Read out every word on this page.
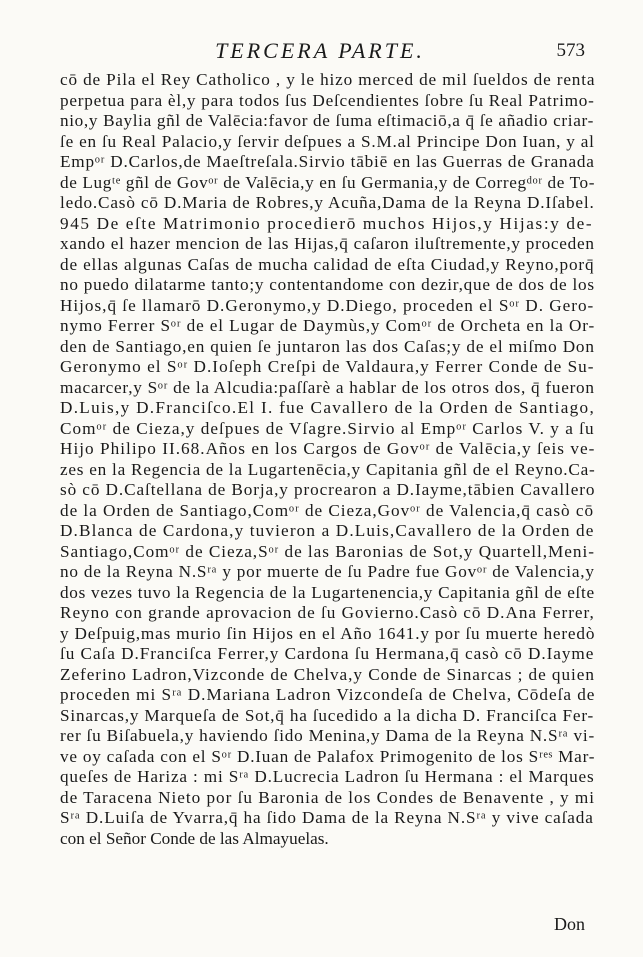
TERCERA PARTE.	573
cō de Pila el Rey Catholico , y le hizo merced de mil ſueldos de renta
perpetua para èl,y para todos ſus Deſcendientes ſobre ſu Real Patrimo-
nio,y Baylia gñl de Valēcia:favor de ſuma eſtimaciō,a q̄ ſe añadio criar-
ſe en ſu Real Palacio,y ſervir deſpues a S.M.al Principe Don Iuan, y al
Empᵒʳ D.Carlos,de Maeſtreſala.Sirvio tābiē en las Guerras de Granada
de Lugᵗᵉ gñl de Govᵒʳ de Valēcia,y en ſu Germania,y de Corregᵈᵒʳ de To-
ledo.Casò cō D.Maria de Robres,y Acuña,Dama de la Reyna D.Iſabel.
945 De eſte Matrimonio procedierō muchos Hijos,y Hijas:y de-
xando el hazer mencion de las Hijas,q̄ caſaron iluſtremente,y proceden
de ellas algunas Caſas de mucha calidad de eſta Ciudad,y Reyno,porq̄
no puedo dilatarme tanto;y contentandome con dezir,que de dos de los
Hijos,q̄ ſe llamarō D.Geronymo,y D.Diego, proceden el Sᵒʳ D. Gero-
nymo Ferrer Sᵒʳ de el Lugar de Daymùs,y Comᵒʳ de Orcheta en la Or-
den de Santiago,en quien ſe juntaron las dos Caſas;y de el miſmo Don
Geronymo el Sᵒʳ D.Ioſeph Creſpi de Valdaura,y Ferrer Conde de Su-
macarcer,y Sᵒʳ de la Alcudia:paſſarè a hablar de los otros dos, q̄ fueron
D.Luis,y D.Franciſco.El I. fue Cavallero de la Orden de Santiago,
Comᵒʳ de Cieza,y deſpues de Vſagre.Sirvio al Empᵒʳ Carlos V. y a ſu
Hijo Philipo II.68.Años en los Cargos de Govᵒʳ de Valēcia,y ſeis ve-
zes en la Regencia de la Lugartenēcia,y Capitania gñl de el Reyno.Ca-
sò cō D.Caſtellana de Borja,y procrearon a D.Iayme,tābien Cavallero
de la Orden de Santiago,Comᵒʳ de Cieza,Govᵒʳ de Valencia,q̄ casò cō
D.Blanca de Cardona,y tuvieron a D.Luis,Cavallero de la Orden de
Santiago,Comᵒʳ de Cieza,Sᵒʳ de las Baronias de Sot,y Quartell,Meni-
no de la Reyna N.Sʳᵃ y por muerte de ſu Padre fue Govᵒʳ de Valencia,y
dos vezes tuvo la Regencia de la Lugartenencia,y Capitania gñl de eſte
Reyno con grande aprovacion de ſu Govierno.Casò cō D.Ana Ferrer,
y Deſpuig,mas murio ſin Hijos en el Año 1641.y por ſu muerte heredò
ſu Caſa D.Franciſca Ferrer,y Cardona ſu Hermana,q̄ casò cō D.Iayme
Zeferino Ladron,Vizconde de Chelva,y Conde de Sinarcas ; de quien
proceden mi Sʳᵃ D.Mariana Ladron Vizcondeſa de Chelva, Cōdeſa de
Sinarcas,y Marqueſa de Sot,q̄ ha ſucedido a la dicha D. Franciſca Fer-
rer ſu Biſabuela,y haviendo ſido Menina,y Dama de la Reyna N.Sʳᵃ vi-
ve oy caſada con el Sᵒʳ D.Iuan de Palafox Primogenito de los Sʳᵉˢ Mar-
queſes de Hariza : mi Sʳᵃ D.Lucrecia Ladron ſu Hermana : el Marques
de Taracena Nieto por ſu Baronia de los Condes de Benavente , y mi
Sʳᵃ D.Luiſa de Yvarra,q̄ ha ſido Dama de la Reyna N.Sʳᵃ y vive caſada
con el Señor Conde de las Almayuelas.
Don
